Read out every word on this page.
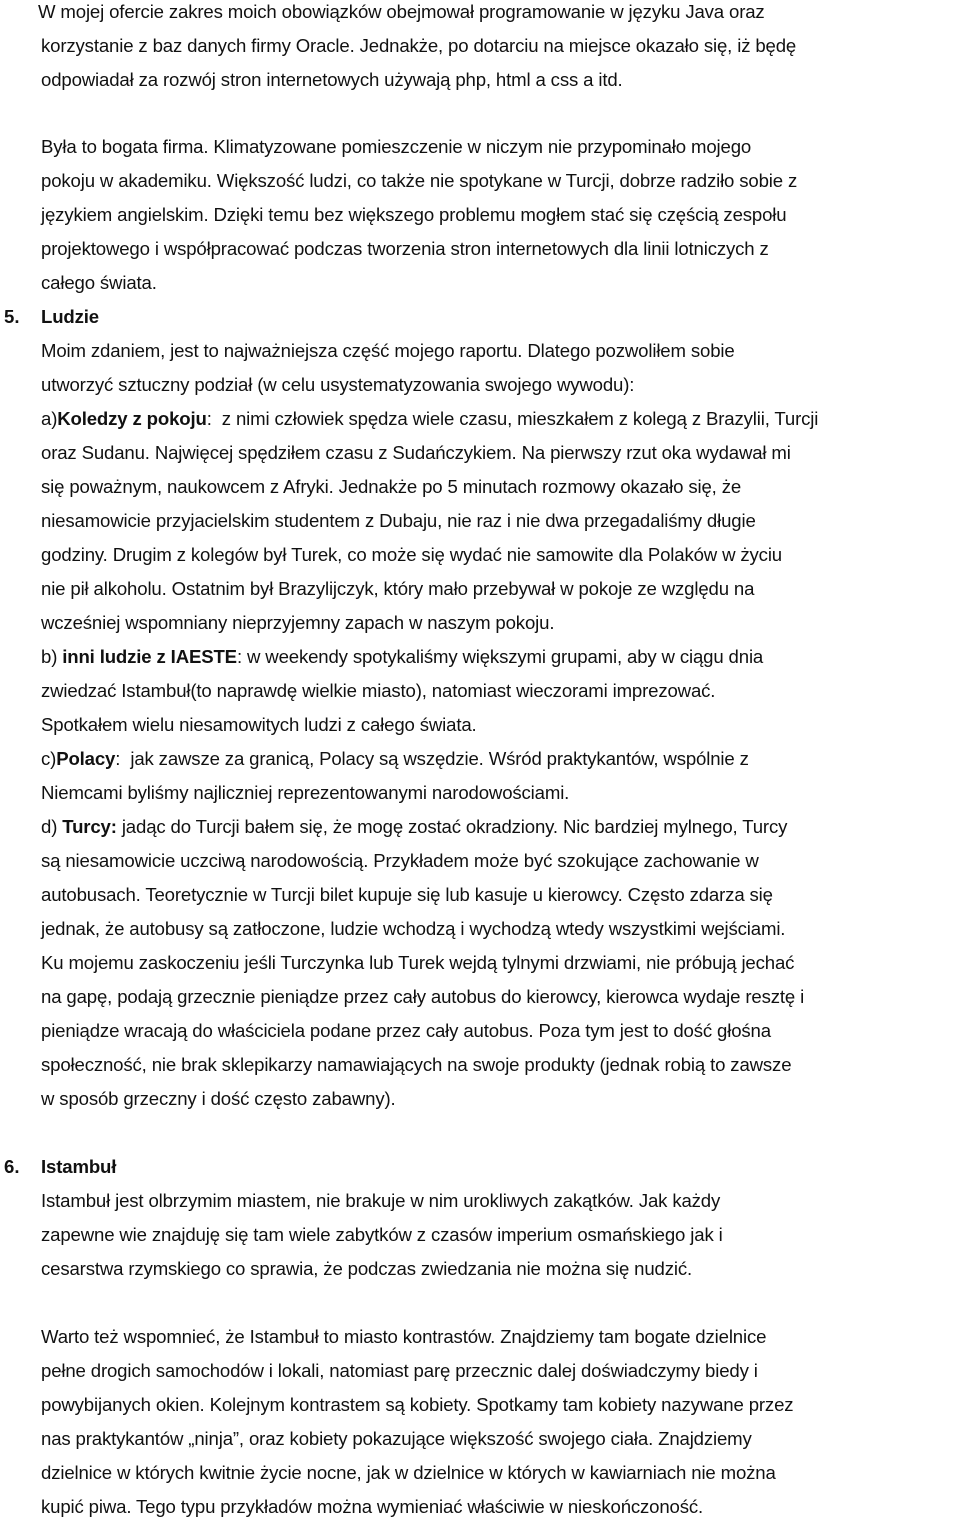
W mojej ofercie zakres moich obowiązków obejmował programowanie w języku Java oraz
korzystanie z baz danych firmy Oracle. Jednakże, po dotarciu na miejsce okazało się, iż będę
odpowiadał za rozwój stron internetowych używają php, html a css a itd.
Była to bogata firma. Klimatyzowane pomieszczenie w niczym nie przypominało mojego
pokoju w akademiku. Większość ludzi, co także nie spotykane w Turcji, dobrze radziło sobie z
językiem angielskim. Dzięki temu bez większego problemu mogłem stać się częścią zespołu
projektowego i współpracować podczas tworzenia stron internetowych dla linii lotniczych z
całego świata.
5. Ludzie
Moim zdaniem, jest to najważniejsza część mojego raportu. Dlatego pozwoliłem sobie
utworzyć sztuczny podział (w celu usystematyzowania swojego wywodu):
a)Koledzy z pokoju: z nimi człowiek spędza wiele czasu, mieszkałem z kolegą z Brazylii, Turcji
oraz Sudanu. Najwięcej spędziłem czasu z Sudańczykiem. Na pierwszy rzut oka wydawał mi
się poważnym, naukowcem z Afryki. Jednakże po 5 minutach rozmowy okazało się, że
niesamowicie przyjacielskim studentem z Dubaju, nie raz i nie dwa przegadaliśmy długie
godziny. Drugim z kolegów był Turek, co może się wydać nie samowite dla Polaków w życiu
nie pił alkoholu. Ostatnim był Brazylijczyk, który mało przebywał w pokoje ze względu na
wcześniej wspomniany nieprzyjemny zapach w naszym pokoju.
b) inni ludzie z IAESTE: w weekendy spotykaliśmy większymi grupami, aby w ciągu dnia
zwiedzać Istambuł(to naprawdę wielkie miasto), natomiast wieczorami imprezować.
Spotkałem wielu niesamowitych ludzi z całego świata.
c)Polacy: jak zawsze za granicą, Polacy są wszędzie. Wśród praktykantów, wspólnie z
Niemcami byliśmy najliczniej reprezentowanymi narodowościami.
d) Turcy: jadąc do Turcji bałem się, że mogę zostać okradziony. Nic bardziej mylnego, Turcy
są niesamowicie uczciwą narodowością. Przykładem może być szokujące zachowanie w
autobusach. Teoretycznie w Turcji bilet kupuje się lub kasuje u kierowcy. Często zdarza się
jednak, że autobusy są zatłoczone, ludzie wchodzą i wychodzą wtedy wszystkimi wejściami.
Ku mojemu zaskoczeniu jeśli Turczynka lub Turek wejdą tylnymi drzwiami, nie próbują jechać
na gapę, podają grzecznie pieniądze przez cały autobus do kierowcy, kierowca wydaje resztę i
pieniądze wracają do właściciela podane przez cały autobus. Poza tym jest to dość głośna
społeczność, nie brak sklepikarzy namawiających na swoje produkty (jednak robią to zawsze
w sposób grzeczny i dość często zabawny).
6. Istambuł
Istambuł jest olbrzymim miastem, nie brakuje w nim urokliwych zakątków. Jak każdy
zapewne wie znajduję się tam wiele zabytków z czasów imperium osmańskiego jak i
cesarstwa rzymskiego co sprawia, że podczas zwiedzania nie można się nudzić.
Warto też wspomnieć, że Istambuł to miasto kontrastów. Znajdziemy tam bogate dzielnice
pełne drogich samochodów i lokali, natomiast parę przecznic dalej doświadczymy biedy i
powybijanych okien. Kolejnym kontrastem są kobiety. Spotkamy tam kobiety nazywane przez
nas praktykantów „ninja”, oraz kobiety pokazujące większość swojego ciała. Znajdziemy
dzielnice w których kwitnie życie nocne, jak w dzielnice w których w kawiarniach nie można
kupić piwa. Tego typu przykładów można wymieniać właściwie w nieskończoność.
